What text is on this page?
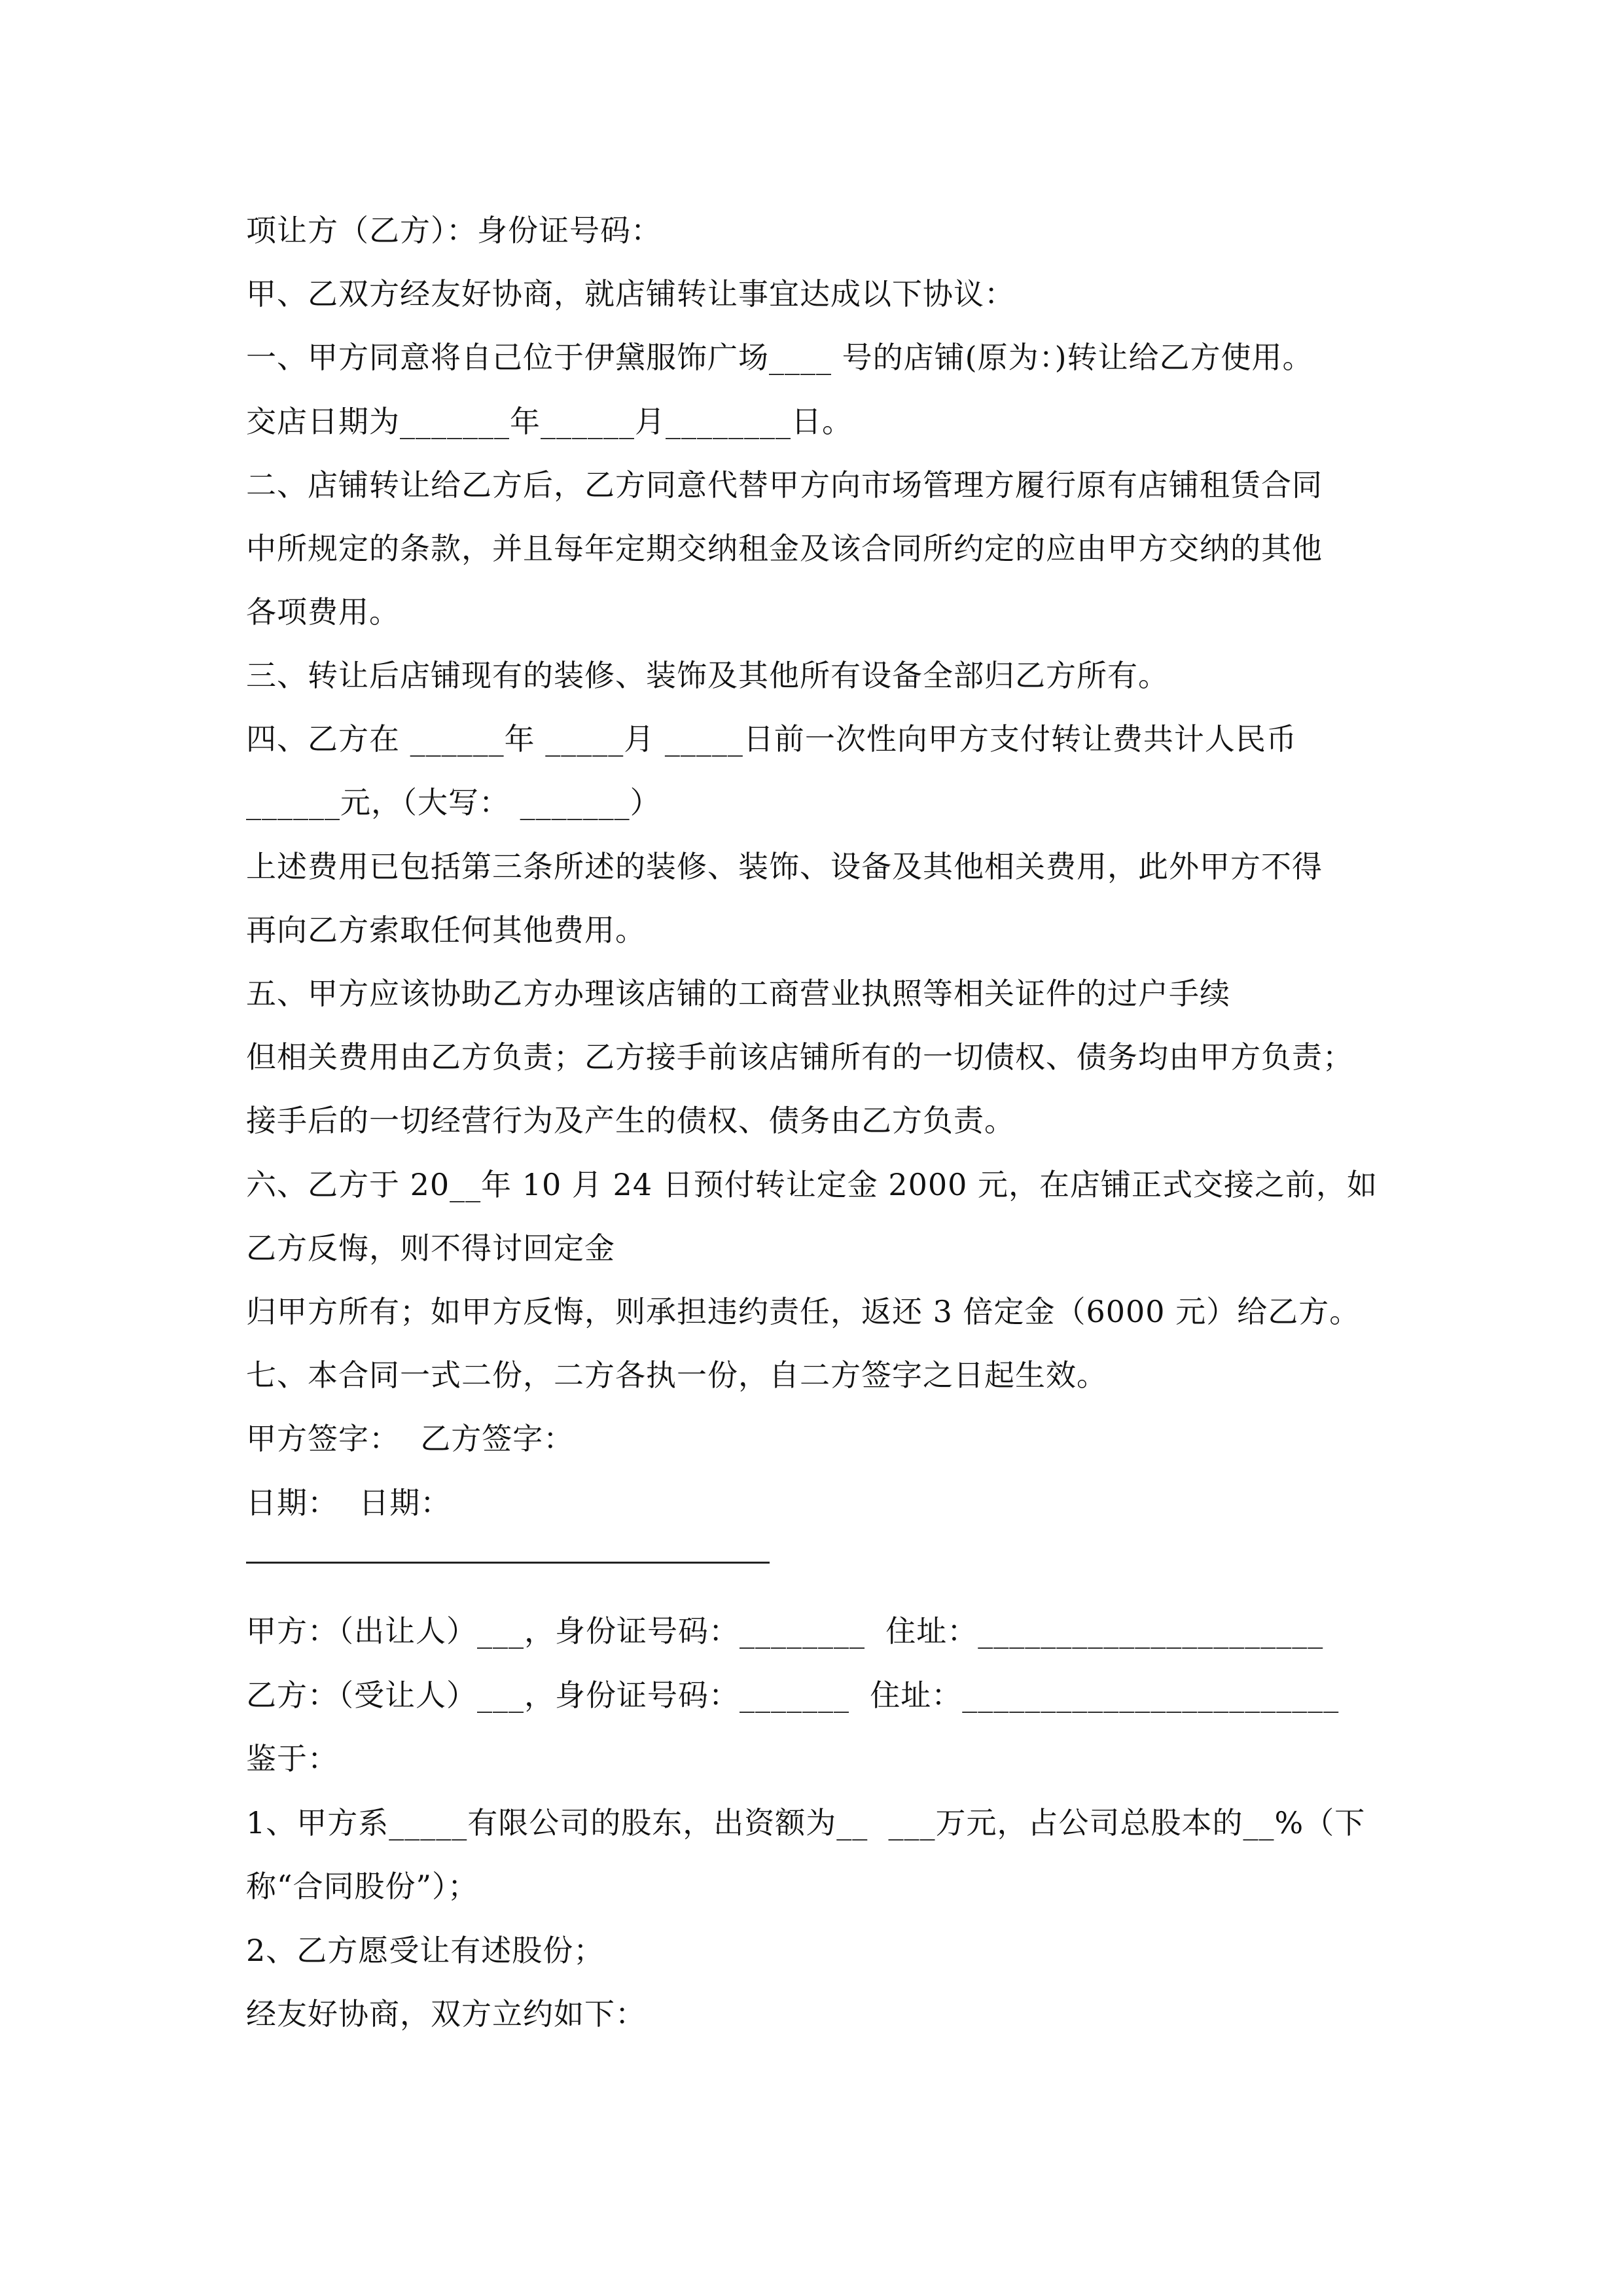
项让方（乙方）：身份证号码：
甲、乙双方经友好协商，就店铺转让事宜达成以下协议：
一、甲方同意将自己位于伊黛服饰广场____ 号的店铺(原为：)转让给乙方使用。
交店日期为_______年______月________日。
二、店铺转让给乙方后，乙方同意代替甲方向市场管理方履行原有店铺租赁合同
中所规定的条款，并且每年定期交纳租金及该合同所约定的应由甲方交纳的其他
各项费用。
三、转让后店铺现有的装修、装饰及其他所有设备全部归乙方所有。
四、乙方在 ______年 _____月 _____日前一次性向甲方支付转让费共计人民币
______元，（大写： _______）
上述费用已包括第三条所述的装修、装饰、设备及其他相关费用，此外甲方不得
再向乙方索取任何其他费用。
五、甲方应该协助乙方办理该店铺的工商营业执照等相关证件的过户手续
但相关费用由乙方负责；乙方接手前该店铺所有的一切债权、债务均由甲方负责；
接手后的一切经营行为及产生的债权、债务由乙方负责。
六、乙方于 20__年 10 月 24 日预付转让定金 2000 元，在店铺正式交接之前，如
乙方反悔，则不得讨回定金
归甲方所有；如甲方反悔，则承担违约责任，返还 3 倍定金（6000 元）给乙方。
七、本合同一式二份，二方各执一份，自二方签字之日起生效。
甲方签字：  乙方签字：
日期：  日期：
甲方：（出让人）___，身份证号码：________  住址：______________________
乙方：（受让人）___，身份证号码：_______  住址：________________________
鉴于：
1、甲方系_____有限公司的股东，出资额为__  ___万元，占公司总股本的__%（下
称“合同股份”）；
2、乙方愿受让有述股份；
经友好协商，双方立约如下：
